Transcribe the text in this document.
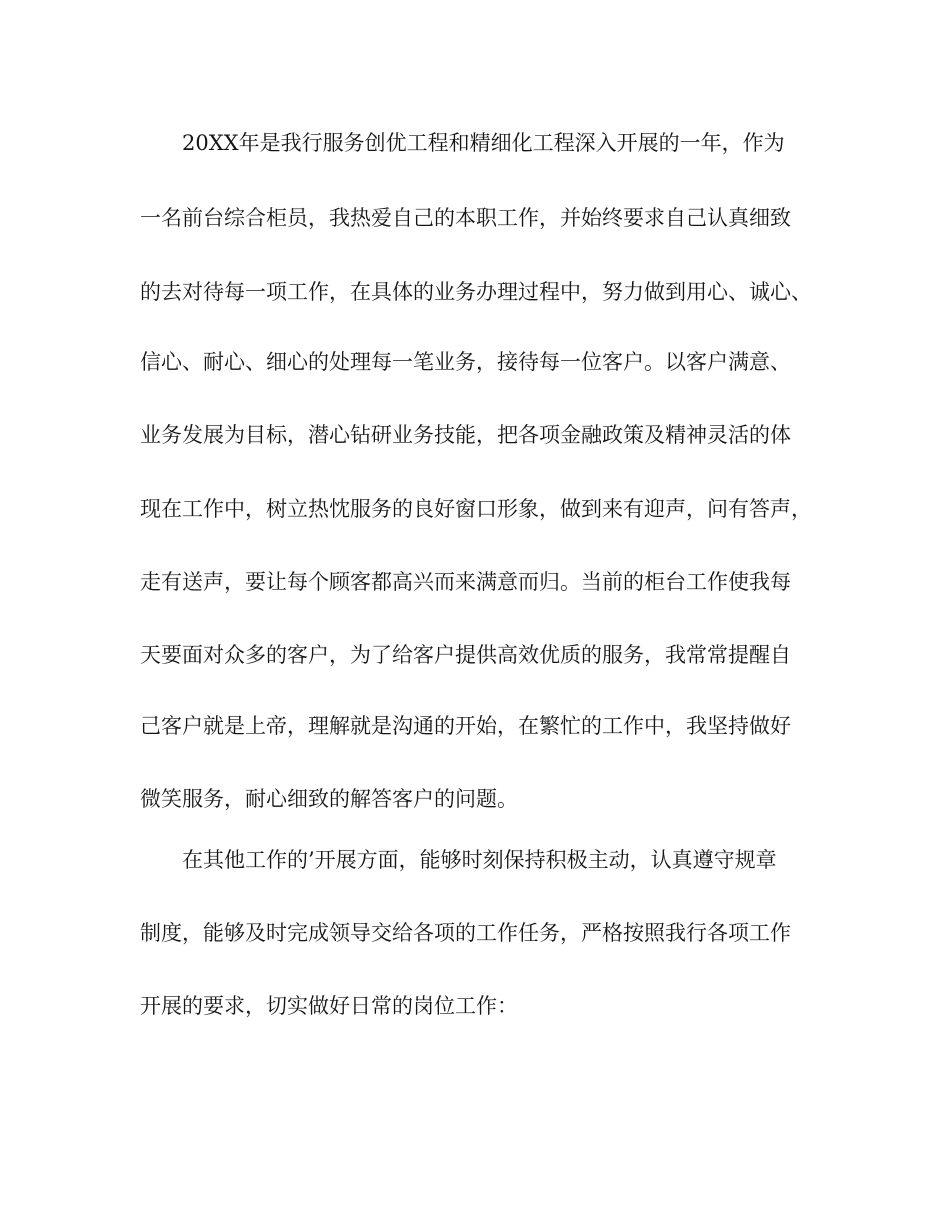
20XX年是我行服务创优工程和精细化工程深入开展的一年，作为
一名前台综合柜员，我热爱自己的本职工作，并始终要求自己认真细致
的去对待每一项工作，在具体的业务办理过程中，努力做到用心、诚心、
信心、耐心、细心的处理每一笔业务，接待每一位客户。以客户满意、
业务发展为目标，潜心钻研业务技能，把各项金融政策及精神灵活的体
现在工作中，树立热忱服务的良好窗口形象，做到来有迎声，问有答声，
走有送声，要让每个顾客都高兴而来满意而归。当前的柜台工作使我每
天要面对众多的客户，为了给客户提供高效优质的服务，我常常提醒自
己客户就是上帝，理解就是沟通的开始，在繁忙的工作中，我坚持做好
微笑服务，耐心细致的解答客户的问题。
在其他工作的’开展方面，能够时刻保持积极主动，认真遵守规章
制度，能够及时完成领导交给各项的工作任务，严格按照我行各项工作
开展的要求，切实做好日常的岗位工作：
